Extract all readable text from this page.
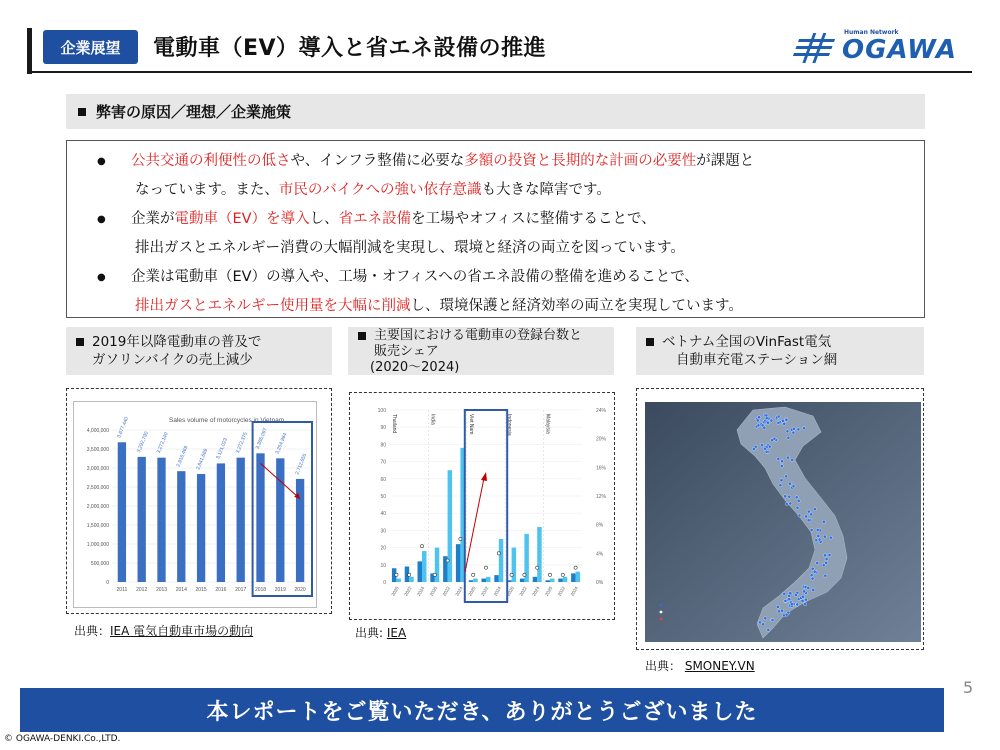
企業展望	電動車（EV）導入と省エネ設備の推進
Human Network
OGAWA
弊害の原因／理想／企業施策
● 公共交通の利便性の低さや、インフラ整備に必要な多額の投資と長期的な計画の必要性が課題と
なっています。また、市民のバイクへの強い依存意識も大きな障害です。
● 企業が電動車（EV）を導入し、省エネ設備を工場やオフィスに整備することで、
排出ガスとエネルギー消費の大幅削減を実現し、環境と経済の両立を図っています。
● 企業は電動車（EV）の導入や、工場・オフィスへの省エネ設備の整備を進めることで、
排出ガスとエネルギー使用量を大幅に削減し、環境保護と経済効率の両立を実現しています。
2019年以降電動車の普及で
ガソリンバイクの売上減少
主要国における電動車の登録台数と
販売シェア
(2020〜2024)
ベトナム全国のVinFast電気
自動車充電ステーション網
Sales volume of motorcycles in Vietnam
0
500,000
1,000,000
1,500,000
2,000,000
2,500,000
3,000,000
3,500,000
4,000,000 3,677,440
2011
3,292,790
2012
3,272,140
2013
2,916,469
2014
2,841,669
2015
3,121,023
2016
3,272,375
2017
3,386,097
2018
3,254,964
2019
2,712,655
2020
0
10
20
30
40
50
60
70
80
90
100
0%
4%
8%
12%
16%
20%
24%
2020 2022 2024 2020 2022 2024 2020 2022 2024 2020 2022 2024 2020 2022 2024
Thailand	India	Viet Nam	Indonesia	Malaysia
出典：IEA 電気自動車市場の動向	出典: IEA
出典： SMONEY.VN
5
本レポートをご覧いただき、ありがとうございました
© OGAWA-DENKI.Co.,LTD.
